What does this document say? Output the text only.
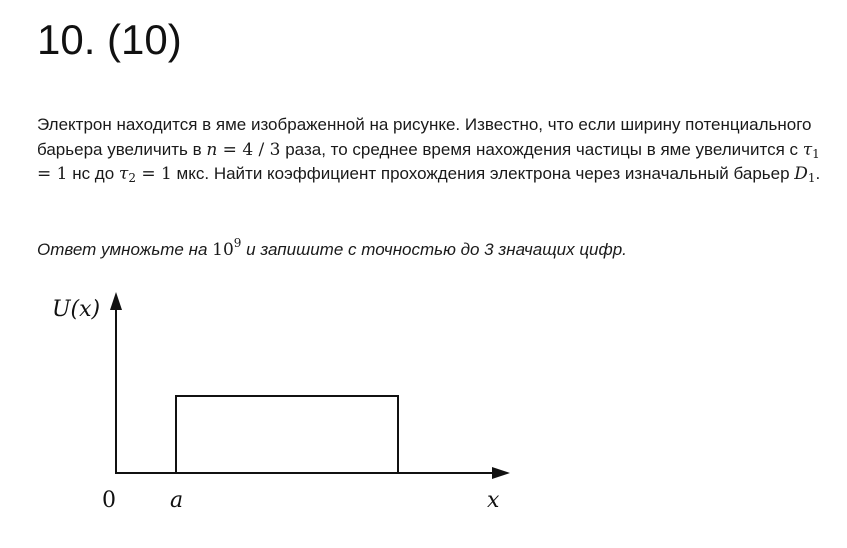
10. (10)

Электрон находится в яме изображенной на рисунке. Известно, что если ширину потенциального барьера увеличить в n = 4 / 3 раза, то среднее время нахождения частицы в яме увеличится с $\tau_1 = 1$ нс до $\tau_2 = 1$ мкс. Найти коэффициент прохождения электрона через изначальный барьер $D_1$.

Ответ умножьте на $10^9$ и запишите с точностью до 3 значащих цифр.

U(x)
0 a	x
